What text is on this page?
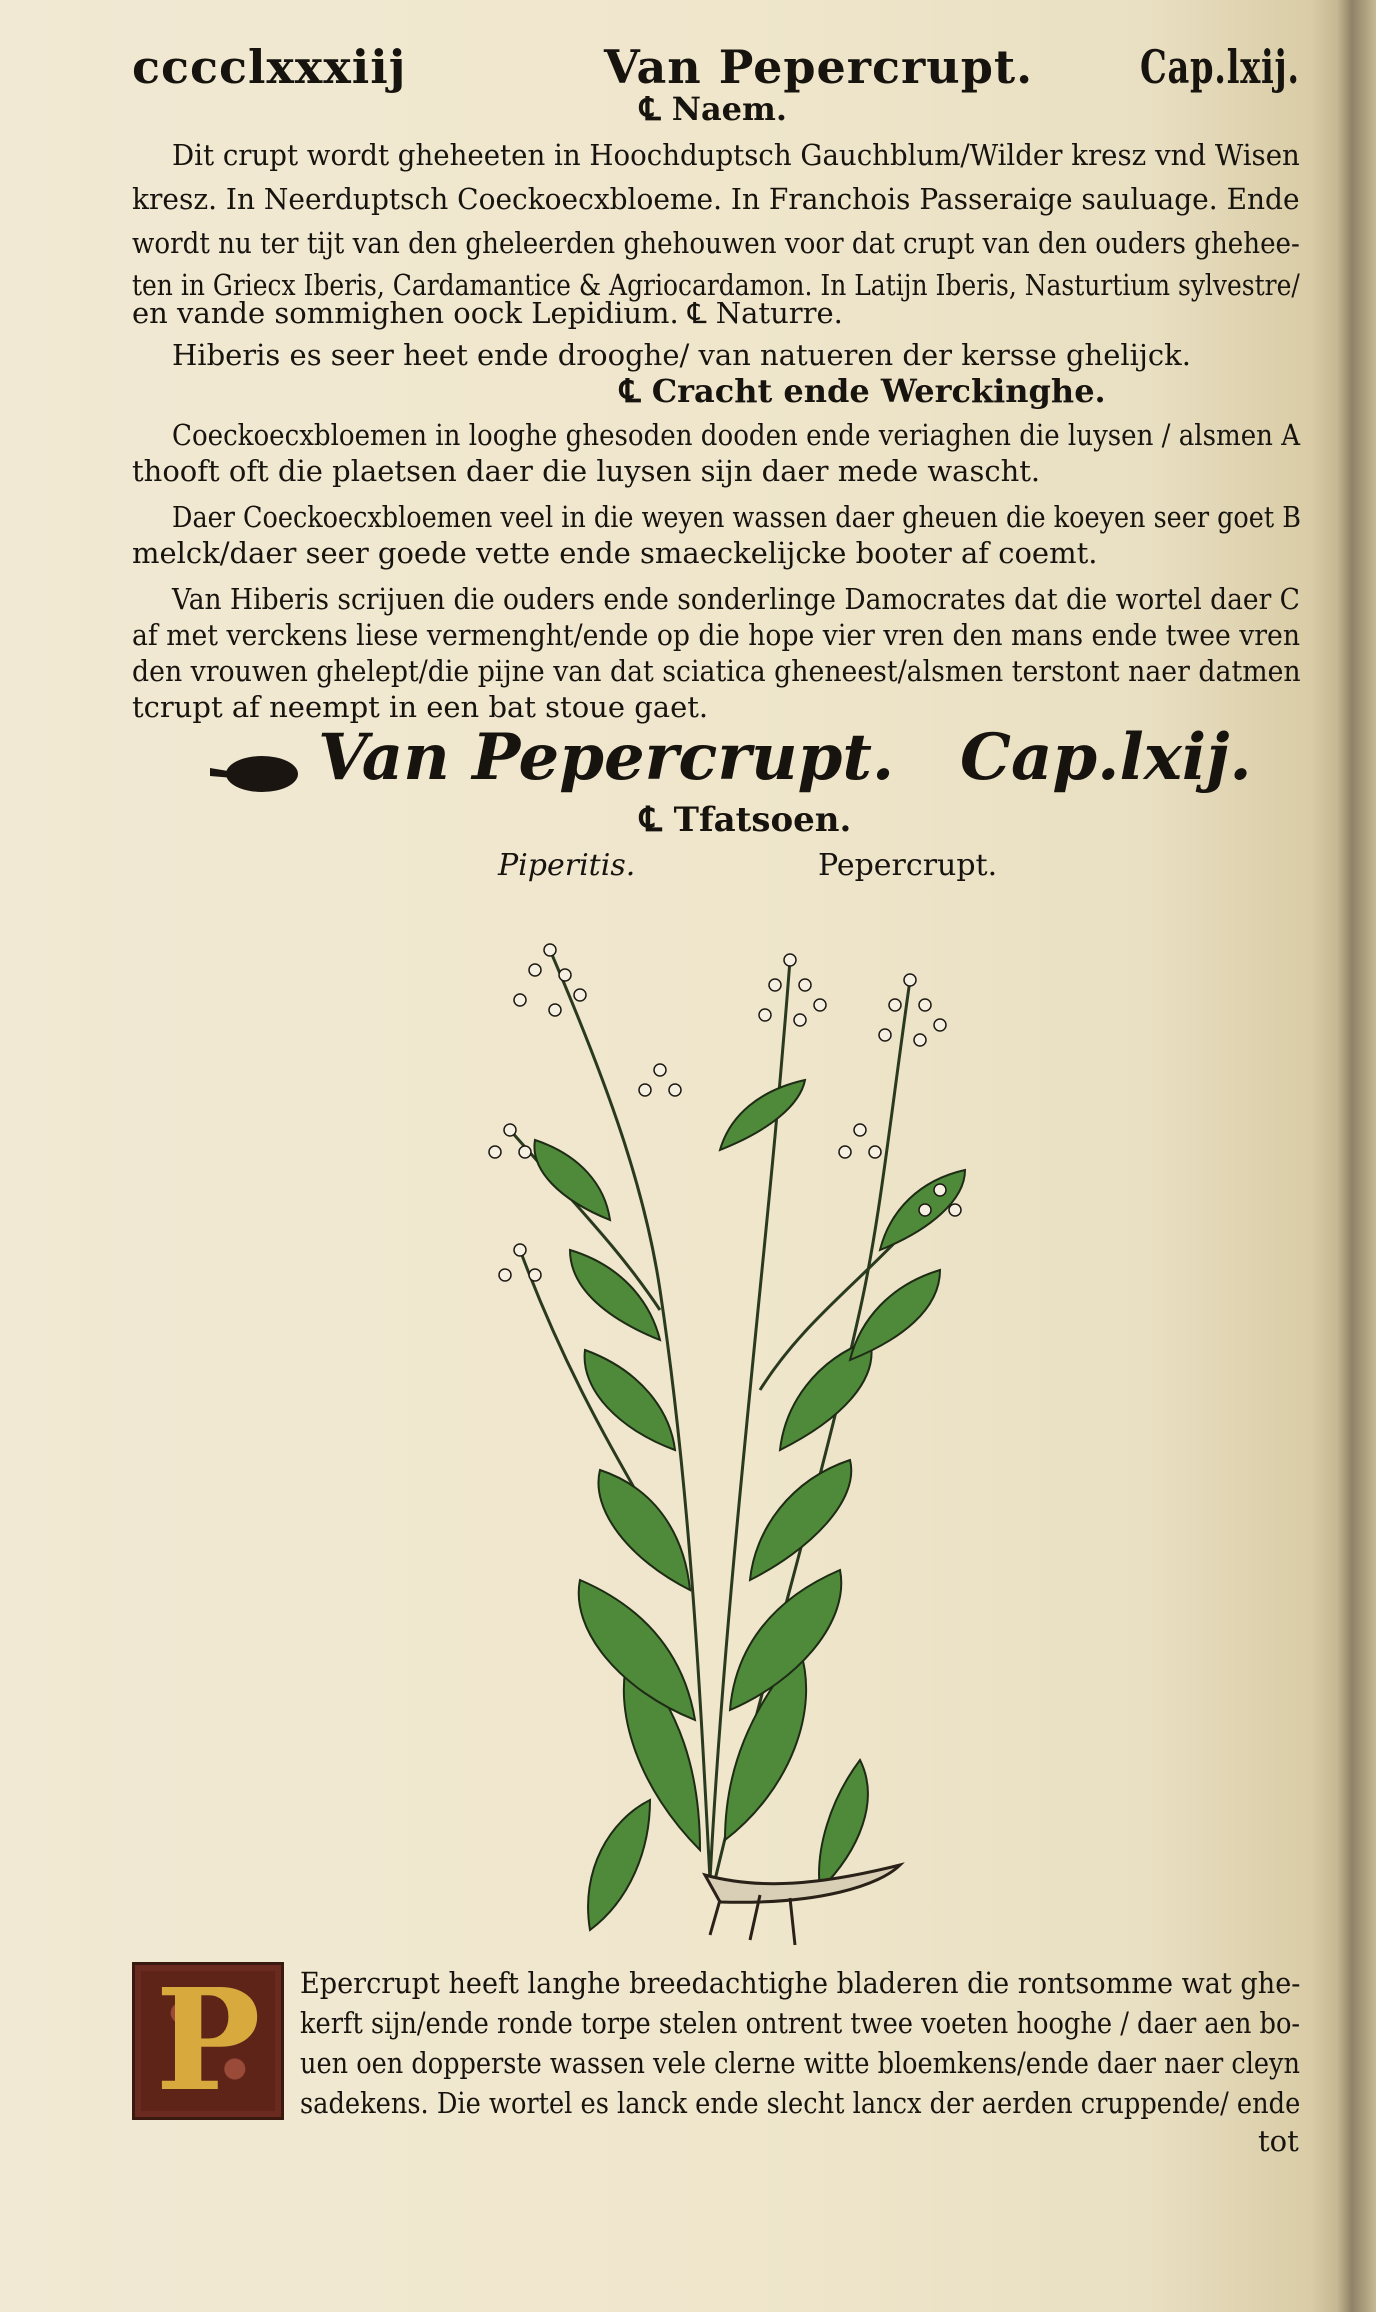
cccclxxxiij	Van Pepercrupt. Cap.lxij.
℄ Naem.
Dit crupt wordt gheheeten in Hoochduptsch Gauchblum/Wilder kresz vnd Wisen
kresz. In Neerduptsch Coeckoecxbloeme. In Franchois Passeraige sauluage. Ende
wordt nu ter tijt van den gheleerden ghehouwen voor dat crupt van den ouders ghehee-
ten in Griecx Iberis, Cardamantice & Agriocardamon. In Latijn Iberis, Nasturtium sylvestre/
en vande sommighen oock Lepidium. ℄ Naturre.
Hiberis es seer heet ende drooghe/ van natueren der kersse ghelijck.
℄ Cracht ende Werckinghe.
Coeckoecxbloemen in looghe ghesoden dooden ende veriaghen die luysen / alsmen A
thooft oft die plaetsen daer die luysen sijn daer mede wascht.
Daer Coeckoecxbloemen veel in die weyen wassen daer gheuen die koeyen seer goet B
melck/daer seer goede vette ende smaeckelijcke booter af coemt.
Van Hiberis scrijuen die ouders ende sonderlinge Damocrates dat die wortel daer C
af met verckens liese vermenght/ende op die hope vier vren den mans ende twee vren
den vrouwen ghelept/die pijne van dat sciatica gheneest/alsmen terstont naer datmen
tcrupt af neempt in een bat stoue gaet.
Van Pepercrupt. Cap.lxij.
℄ Tfatsoen.
Piperitis.	Pepercrupt.
P	Epercrupt heeft langhe breedachtighe bladeren die rontsomme wat ghe-
kerft sijn/ende ronde torpe stelen ontrent twee voeten hooghe / daer aen bo-
uen oen dopperste wassen vele clerne witte bloemkens/ende daer naer cleyn
sadekens. Die wortel es lanck ende slecht lancx der aerden cruppende/ ende
tot
